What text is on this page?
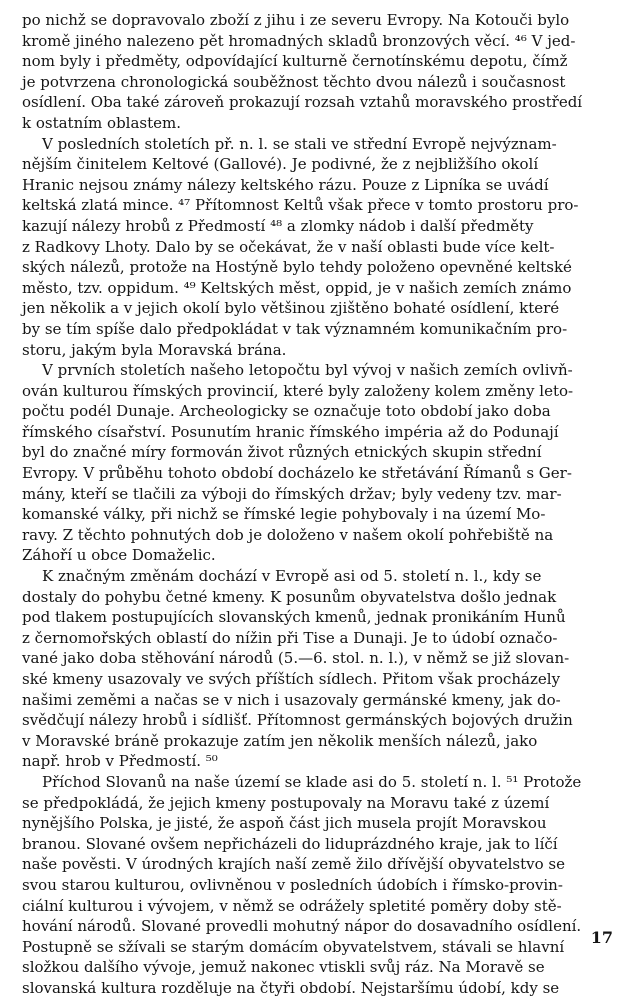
po nichž se dopravovalo zboží z jihu i ze severu Evropy. Na Kotouči bylo
kromě jiného nalezeno pět hromadných skladů bronzových věcí. ⁴⁶ V jed-
nom byly i předměty, odpovídající kulturně černotínskému depotu, čímž
je potvrzena chronologická souběžnost těchto dvou nálezů i současnost
osídlení. Oba také zároveň prokazují rozsah vztahů moravského prostředí
k ostatním oblastem.
V posledních stoletích př. n. l. se stali ve střední Evropě nejvýznam-
nějším činitelem Keltové (Gallové). Je podivné, že z nejbližšího okolí
Hranic nejsou známy nálezy keltského rázu. Pouze z Lipníka se uvádí
keltská zlatá mince. ⁴⁷ Přítomnost Keltů však přece v tomto prostoru pro-
kazují nálezy hrobů z Předmostí ⁴⁸ a zlomky nádob i další předměty
z Radkovy Lhoty. Dalo by se očekávat, že v naší oblasti bude více kelt-
ských nálezů, protože na Hostýně bylo tehdy položeno opevněné keltské
město, tzv. oppidum. ⁴⁹ Keltských měst, oppid, je v našich zemích známo
jen několik a v jejich okolí bylo většinou zjištěno bohaté osídlení, které
by se tím spíše dalo předpokládat v tak významném komunikačním pro-
storu, jakým byla Moravská brána.
V prvních stoletích našeho letopočtu byl vývoj v našich zemích ovlivň-
ován kulturou římských provincií, které byly založeny kolem změny leto-
počtu podél Dunaje. Archeologicky se označuje toto období jako doba
římského císařství. Posunutím hranic římského impéria až do Podunají
byl do značné míry formován život různých etnických skupin střední
Evropy. V průběhu tohoto období docházelo ke střetávání Římanů s Ger-
mány, kteří se tlačili za výboji do římských držav; byly vedeny tzv. mar-
komanské války, při nichž se římské legie pohybovaly i na území Mo-
ravy. Z těchto pohnutých dob je doloženo v našem okolí pohřebiště na
Záhoří u obce Domaželic.
K značným změnám dochází v Evropě asi od 5. století n. l., kdy se
dostaly do pohybu četné kmeny. K posunům obyvatelstva došlo jednak
pod tlakem postupujících slovanských kmenů, jednak pronikáním Hunů
z černomořských oblastí do nížin při Tise a Dunaji. Je to údobí označo-
vané jako doba stěhování národů (5.—6. stol. n. l.), v němž se již slovan-
ské kmeny usazovaly ve svých příštích sídlech. Přitom však procházely
našimi zeměmi a načas se v nich i usazovaly germánské kmeny, jak do-
svědčují nálezy hrobů i sídlišť. Přítomnost germánských bojových družin
v Moravské bráně prokazuje zatím jen několik menších nálezů, jako
např. hrob v Předmostí. ⁵⁰
Příchod Slovanů na naše území se klade asi do 5. století n. l. ⁵¹ Protože
se předpokládá, že jejich kmeny postupovaly na Moravu také z území
nynějšího Polska, je jisté, že aspoň část jich musela projít Moravskou
branou. Slované ovšem nepřicházeli do liduprázdného kraje, jak to líčí
naše pověsti. V úrodných krajích naší země žilo dřívější obyvatelstvo se
svou starou kulturou, ovlivněnou v posledních údobích i římsko-provin-
ciální kulturou i vývojem, v němž se odrážely spletité poměry doby stě-
hování národů. Slované provedli mohutný nápor do dosavadního osídlení.
Postupně se sžívali se starým domácím obyvatelstvem, stávali se hlavní
složkou dalšího vývoje, jemuž nakonec vtiskli svůj ráz. Na Moravě se
slovanská kultura rozděluje na čtyři období. Nejstaršímu údobí, kdy se
17
